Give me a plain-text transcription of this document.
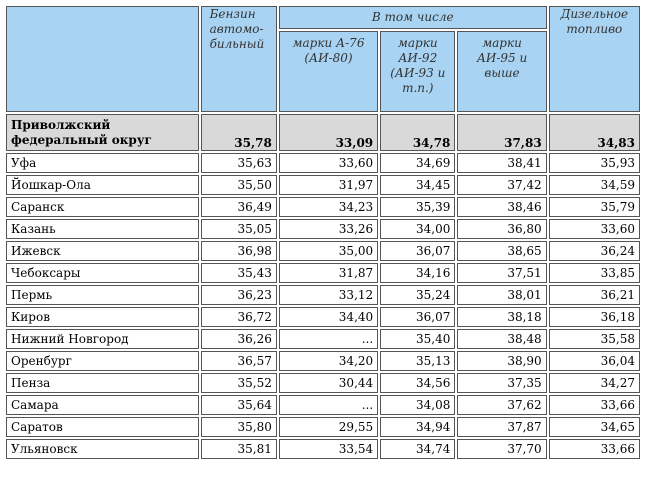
	Бензин автомо-бильный	В том числе			Дизельное топливо
		марки А-76 (АИ-80)	марки АИ-92 (АИ-93 и т.п.)	марки АИ-95 и выше	
Приволжский федеральный округ	35,78	33,09	34,78	37,83	34,83
Уфа	35,63	33,60	34,69	38,41	35,93
Йошкар-Ола	35,50	31,97	34,45	37,42	34,59
Саранск	36,49	34,23	35,39	38,46	35,79
Казань	35,05	33,26	34,00	36,80	33,60
Ижевск	36,98	35,00	36,07	38,65	36,24
Чебоксары	35,43	31,87	34,16	37,51	33,85
Пермь	36,23	33,12	35,24	38,01	36,21
Киров	36,72	34,40	36,07	38,18	36,18
Нижний Новгород	36,26	...	35,40	38,48	35,58
Оренбург	36,57	34,20	35,13	38,90	36,04
Пенза	35,52	30,44	34,56	37,35	34,27
Самара	35,64	...	34,08	37,62	33,66
Саратов	35,80	29,55	34,94	37,87	34,65
Ульяновск	35,81	33,54	34,74	37,70	33,66
